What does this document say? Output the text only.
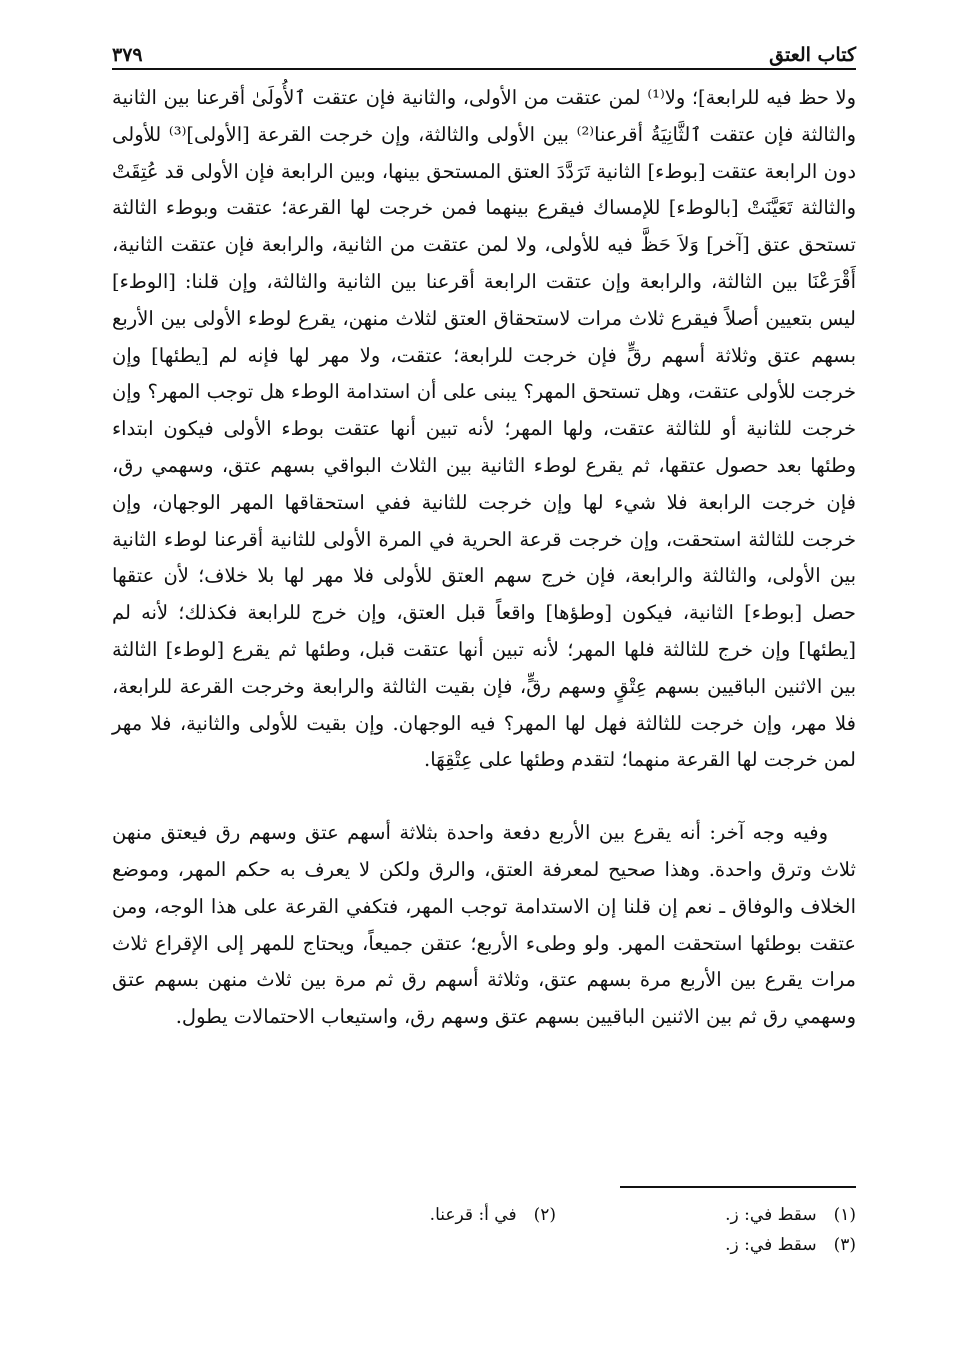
٣٧٩	كتاب العتق

ولا حظ فيه للرابعة]؛ ولا⁽¹⁾ لمن عتقت من الأولى، والثانية فإن عتقت ٱلأُولَىٰ أقرعنا بين الثانية والثالثة فإن عتقت ٱلثَّانِيَةُ أقرعنا⁽²⁾ بين الأولى والثالثة، وإن خرجت القرعة [الأولى]⁽³⁾ للأولى دون الرابعة عتقت [بوطء] الثانية تَرَدَّدَ العتق المستحق بينها، وبين الرابعة فإن الأولى قد عُتِقَتْ والثالثة تَعَيَّنَتْ [بالوطء] للإمساك فيقرع بينهما فمن خرجت لها القرعة؛ عتقت وبوطء الثالثة تستحق عتق [آخر] وَلاَ حَظَّ فيه للأولى، ولا لمن عتقت من الثانية، والرابعة فإن عتقت الثانية، أَقْرَعْنَا بين الثالثة، والرابعة وإن عتقت الرابعة أقرعنا بين الثانية والثالثة، وإن قلنا: [الوطء] ليس بتعيين أصلاً فيقرع ثلاث مرات لاستحقاق العتق لثلاث منهن، يقرع لوطء الأولى بين الأربع بسهم عتق وثلاثة أسهم رقٍّ فإن خرجت للرابعة؛ عتقت، ولا مهر لها فإنه لم [يطئها] وإن خرجت للأولى عتقت، وهل تستحق المهر؟ يبنى على أن استدامة الوطء هل توجب المهر؟ وإن خرجت للثانية أو للثالثة عتقت، ولها المهر؛ لأنه تبين أنها عتقت بوطء الأولى فيكون ابتداء وطئها بعد حصول عتقها، ثم يقرع لوطء الثانية بين الثلاث البواقي بسهم عتق، وسهمي رق، فإن خرجت الرابعة فلا شيء لها وإن خرجت للثانية ففي استحقاقها المهر الوجهان، وإن خرجت للثالثة استحقت، وإن خرجت قرعة الحرية في المرة الأولى للثانية أقرعنا لوطء الثانية بين الأولى، والثالثة والرابعة، فإن خرج سهم العتق للأولى فلا مهر لها بلا خلاف؛ لأن عتقها حصل [بوطء] الثانية، فيكون [وطؤها] واقعاً قبل العتق، وإن خرج للرابعة فكذلك؛ لأنه لم [يطئها] وإن خرج للثالثة فلها المهر؛ لأنه تبين أنها عتقت قبل، وطئها ثم يقرع [لوطء] الثالثة بين الاثنين الباقيين بسهم عِتْقٍ وسهم رقٍّ، فإن بقيت الثالثة والرابعة وخرجت القرعة للرابعة، فلا مهر، وإن خرجت للثالثة فهل لها المهر؟ فيه الوجهان. وإن بقيت للأولى والثانية، فلا مهر لمن خرجت لها القرعة منهما؛ لتقدم وطئها على عِتْقِهَا.

وفيه وجه آخر: أنه يقرع بين الأربع دفعة واحدة بثلاثة أسهم عتق وسهم رق فيعتق منهن ثلاث وترق واحدة. وهذا صحيح لمعرفة العتق، والرق ولكن لا يعرف به حكم المهر، وموضع الخلاف والوفاق ـ نعم إن قلنا إن الاستدامة توجب المهر، فتكفي القرعة على هذا الوجه، ومن عتقت بوطئها استحقت المهر. ولو وطىء الأربع؛ عتقن جميعاً، ويحتاج للمهر إلى الإقراع ثلاث مرات يقرع بين الأربع مرة بسهم عتق، وثلاثة أسهم رق ثم مرة بين ثلاث منهن بسهم عتق وسهمي رق ثم بين الاثنين الباقيين بسهم عتق وسهم رق، واستيعاب الاحتمالات يطول.

(١) سقط في: ز.
(٢) في أ: قرعنا.
(٣) سقط في: ز.
